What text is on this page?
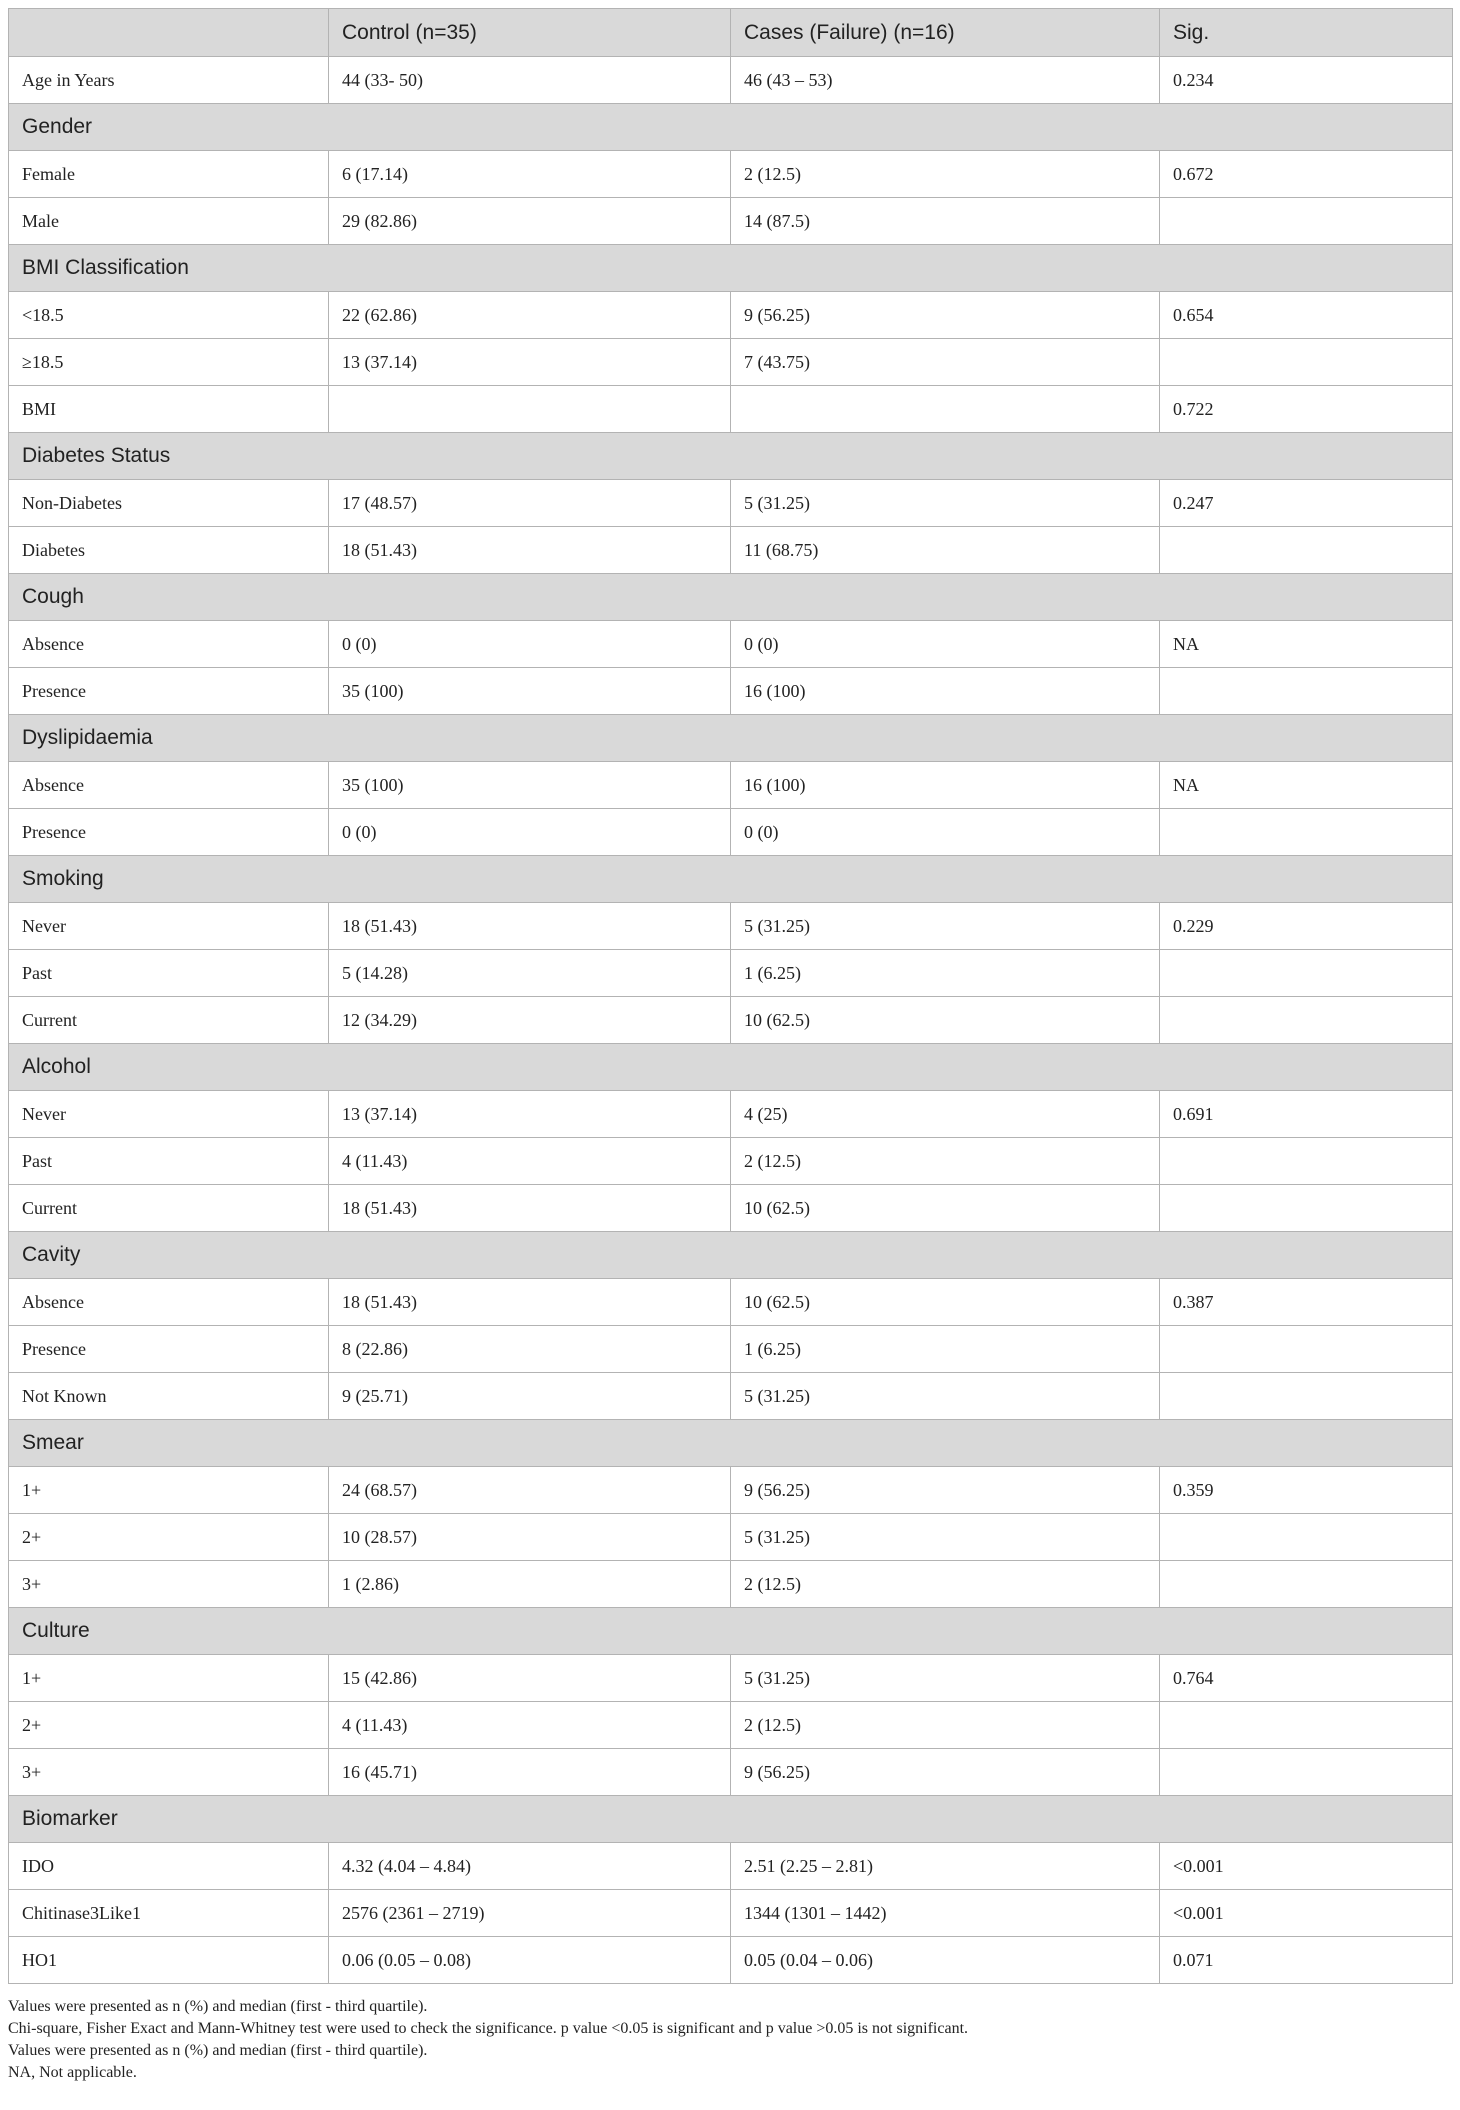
	Control (n=35)	Cases (Failure) (n=16)	Sig.
Age in Years	44 (33- 50)	46 (43 – 53)	0.234
Gender			
Female	6 (17.14)	2 (12.5)	0.672
Male	29 (82.86)	14 (87.5)	
BMI Classification			
<18.5	22 (62.86)	9 (56.25)	0.654
≥18.5	13 (37.14)	7 (43.75)	
BMI			0.722
Diabetes Status			
Non-Diabetes	17 (48.57)	5 (31.25)	0.247
Diabetes	18 (51.43)	11 (68.75)	
Cough			
Absence	0 (0)	0 (0)	NA
Presence	35 (100)	16 (100)	
Dyslipidaemia			
Absence	35 (100)	16 (100)	NA
Presence	0 (0)	0 (0)	
Smoking			
Never	18 (51.43)	5 (31.25)	0.229
Past	5 (14.28)	1 (6.25)	
Current	12 (34.29)	10 (62.5)	
Alcohol			
Never	13 (37.14)	4 (25)	0.691
Past	4 (11.43)	2 (12.5)	
Current	18 (51.43)	10 (62.5)	
Cavity			
Absence	18 (51.43)	10 (62.5)	0.387
Presence	8 (22.86)	1 (6.25)	
Not Known	9 (25.71)	5 (31.25)	
Smear			
1+	24 (68.57)	9 (56.25)	0.359
2+	10 (28.57)	5 (31.25)	
3+	1 (2.86)	2 (12.5)	
Culture			
1+	15 (42.86)	5 (31.25)	0.764
2+	4 (11.43)	2 (12.5)	
3+	16 (45.71)	9 (56.25)	
Biomarker			
IDO	4.32 (4.04 – 4.84)	2.51 (2.25 – 2.81)	<0.001
Chitinase3Like1	2576 (2361 – 2719)	1344 (1301 – 1442)	<0.001
HO1	0.06 (0.05 – 0.08)	0.05 (0.04 – 0.06)	0.071

Values were presented as n (%) and median (first - third quartile).

Chi-square, Fisher Exact and Mann-Whitney test were used to check the significance. p value <0.05 is significant and p value >0.05 is not significant.

Values were presented as n (%) and median (first - third quartile).

NA, Not applicable.
